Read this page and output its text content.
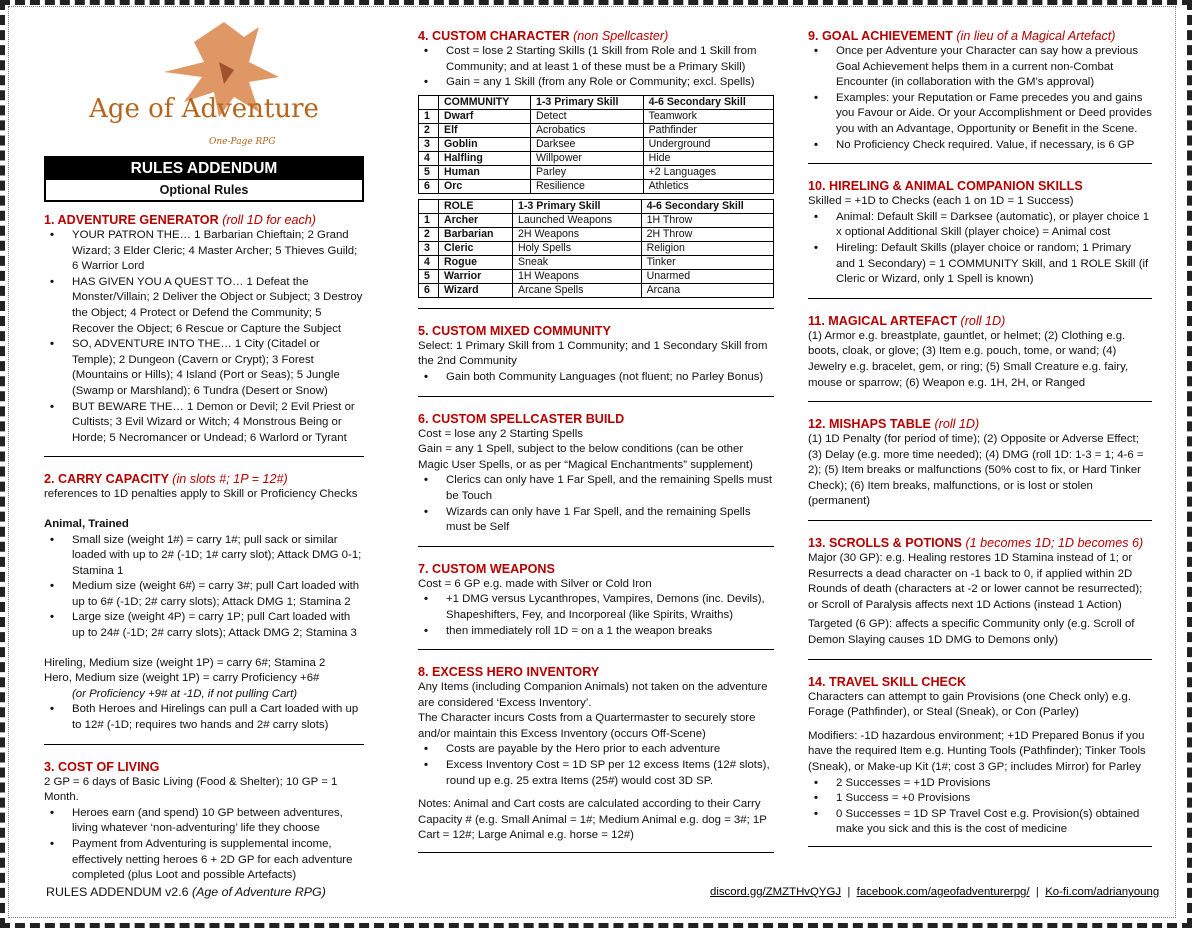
Age of Adventure
One-Page RPG
RULES ADDENDUM
Optional Rules
1. ADVENTURE GENERATOR (roll 1D for each)
• YOUR PATRON THE… 1 Barbarian Chieftain; 2 Grand Wizard; 3 Elder Cleric; 4 Master Archer; 5 Thieves Guild; 6 Warrior Lord
• HAS GIVEN YOU A QUEST TO… 1 Defeat the Monster/Villain; 2 Deliver the Object or Subject; 3 Destroy the Object; 4 Protect or Defend the Community; 5 Recover the Object; 6 Rescue or Capture the Subject
• SO, ADVENTURE INTO THE… 1 City (Citadel or Temple); 2 Dungeon (Cavern or Crypt); 3 Forest (Mountains or Hills); 4 Island (Port or Seas); 5 Jungle (Swamp or Marshland); 6 Tundra (Desert or Snow)
• BUT BEWARE THE… 1 Demon or Devil; 2 Evil Priest or Cultists; 3 Evil Wizard or Witch; 4 Monstrous Being or Horde; 5 Necromancer or Undead; 6 Warlord or Tyrant
2. CARRY CAPACITY (in slots #; 1P = 12#)

references to 1D penalties apply to Skill or Proficiency Checks

Animal, Trained

• Small size (weight 1#) = carry 1#; pull sack or similar loaded with up to 2# (-1D; 1# carry slot); Attack DMG 0-1; Stamina 1
• Medium size (weight 6#) = carry 3#; pull Cart loaded with up to 6# (-1D; 2# carry slots); Attack DMG 1; Stamina 2
• Large size (weight 4P) = carry 1P; pull Cart loaded with up to 24# (-1D; 2# carry slots); Attack DMG 2; Stamina 3

Hireling, Medium size (weight 1P) = carry 6#; Stamina 2

Hero, Medium size (weight 1P) = carry Proficiency +6#

(or Proficiency +9# at -1D, if not pulling Cart)

• Both Heroes and Hirelings can pull a Cart loaded with up to 12# (-1D; requires two hands and 2# carry slots)
3. COST OF LIVING

2 GP = 6 days of Basic Living (Food & Shelter); 10 GP = 1 Month.

• Heroes earn (and spend) 10 GP between adventures, living whatever ‘non-adventuring’ life they choose
• Payment from Adventuring is supplemental income, effectively netting heroes 6 + 2D GP for each adventure completed (plus Loot and possible Artefacts)
4. CUSTOM CHARACTER (non Spellcaster)
• Cost = lose 2 Starting Skills (1 Skill from Role and 1 Skill from Community; and at least 1 of these must be a Primary Skill)
• Gain = any 1 Skill (from any Role or Community; excl. Spells)
	COMMUNITY	1-3 Primary Skill	4-6 Secondary Skill
1	Dwarf	Detect	Teamwork
2	Elf	Acrobatics	Pathfinder
3	Goblin	Darksee	Underground
4	Halfling	Willpower	Hide
5	Human	Parley	+2 Languages
6	Orc	Resilience	Athletics
	ROLE	1-3 Primary Skill	4-6 Secondary Skill
1	Archer	Launched Weapons	1H Throw
2	Barbarian	2H Weapons	2H Throw
3	Cleric	Holy Spells	Religion
4	Rogue	Sneak	Tinker
5	Warrior	1H Weapons	Unarmed
6	Wizard	Arcane Spells	Arcana
5. CUSTOM MIXED COMMUNITY

Select: 1 Primary Skill from 1 Community; and 1 Secondary Skill from the 2nd Community

• Gain both Community Languages (not fluent; no Parley Bonus)
6. CUSTOM SPELLCASTER BUILD

Cost = lose any 2 Starting Spells

Gain = any 1 Spell, subject to the below conditions (can be other Magic User Spells, or as per “Magical Enchantments” supplement)

• Clerics can only have 1 Far Spell, and the remaining Spells must be Touch
• Wizards can only have 1 Far Spell, and the remaining Spells must be Self
7. CUSTOM WEAPONS

Cost = 6 GP e.g. made with Silver or Cold Iron

• +1 DMG versus Lycanthropes, Vampires, Demons (inc. Devils), Shapeshifters, Fey, and Incorporeal (like Spirits, Wraiths)
• then immediately roll 1D = on a 1 the weapon breaks
8. EXCESS HERO INVENTORY

Any Items (including Companion Animals) not taken on the adventure are considered ‘Excess Inventory’.

The Character incurs Costs from a Quartermaster to securely store and/or maintain this Excess Inventory (occurs Off-Scene)

• Costs are payable by the Hero prior to each adventure
• Excess Inventory Cost = 1D SP per 12 excess Items (12# slots), round up e.g. 25 extra Items (25#) would cost 3D SP.

Notes: Animal and Cart costs are calculated according to their Carry Capacity # (e.g. Small Animal = 1#; Medium Animal e.g. dog = 3#; 1P Cart = 12#; Large Animal e.g. horse = 12#)

9. GOAL ACHIEVEMENT (in lieu of a Magical Artefact)
• Once per Adventure your Character can say how a previous Goal Achievement helps them in a current non-Combat Encounter (in collaboration with the GM’s approval)
• Examples: your Reputation or Fame precedes you and gains you Favour or Aide. Or your Accomplishment or Deed provides you with an Advantage, Opportunity or Benefit in the Scene.
• No Proficiency Check required. Value, if necessary, is 6 GP
10. HIRELING & ANIMAL COMPANION SKILLS

Skilled = +1D to Checks (each 1 on 1D = 1 Success)

• Animal: Default Skill = Darksee (automatic), or player choice 1 x optional Additional Skill (player choice) = Animal cost
• Hireling: Default Skills (player choice or random; 1 Primary and 1 Secondary) = 1 COMMUNITY Skill, and 1 ROLE Skill (if Cleric or Wizard, only 1 Spell is known)
11. MAGICAL ARTEFACT (roll 1D)

(1) Armor e.g. breastplate, gauntlet, or helmet; (2) Clothing e.g. boots, cloak, or glove; (3) Item e.g. pouch, tome, or wand; (4) Jewelry e.g. bracelet, gem, or ring; (5) Small Creature e.g. fairy, mouse or sparrow; (6) Weapon e.g. 1H, 2H, or Ranged

12. MISHAPS TABLE (roll 1D)

(1) 1D Penalty (for period of time); (2) Opposite or Adverse Effect; (3) Delay (e.g. more time needed); (4) DMG (roll 1D: 1-3 = 1; 4-6 = 2); (5) Item breaks or malfunctions (50% cost to fix, or Hard Tinker Check); (6) Item breaks, malfunctions, or is lost or stolen (permanent)

13. SCROLLS & POTIONS (1 becomes 1D; 1D becomes 6)

Major (30 GP): e.g. Healing restores 1D Stamina instead of 1; or Resurrects a dead character on -1 back to 0, if applied within 2D Rounds of death (characters at -2 or lower cannot be resurrected); or Scroll of Paralysis affects next 1D Actions (instead 1 Action)

Targeted (6 GP): affects a specific Community only (e.g. Scroll of Demon Slaying causes 1D DMG to Demons only)

14. TRAVEL SKILL CHECK

Characters can attempt to gain Provisions (one Check only) e.g. Forage (Pathfinder), or Steal (Sneak), or Con (Parley)

Modifiers: -1D hazardous environment; +1D Prepared Bonus if you have the required Item e.g. Hunting Tools (Pathfinder); Tinker Tools (Sneak), or Make-up Kit (1#; cost 3 GP; includes Mirror) for Parley

• 2 Successes = +1D Provisions
• 1 Success = +0 Provisions
• 0 Successes = 1D SP Travel Cost e.g. Provision(s) obtained make you sick and this is the cost of medicine
RULES ADDENDUM v2.6 (Age of Adventure RPG)	discord.gg/ZMZTHvQYGJ | facebook.com/ageofadventurerpg/ | Ko-fi.com/adrianyoung
